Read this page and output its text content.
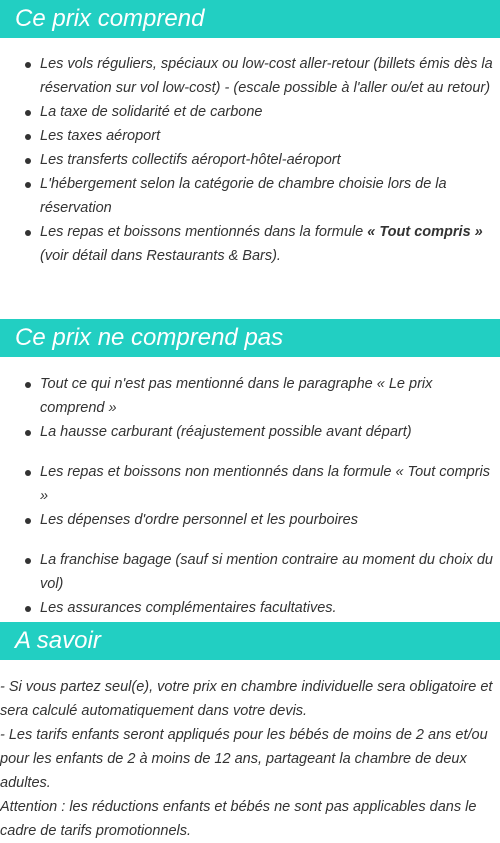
Ce prix comprend
Les vols réguliers, spéciaux ou low-cost aller-retour (billets émis dès la réservation sur vol low-cost) - (escale possible à l'aller ou/et au retour)
La taxe de solidarité et de carbone
Les taxes aéroport
Les transferts collectifs aéroport-hôtel-aéroport
L'hébergement selon la catégorie de chambre choisie lors de la réservation
Les repas et boissons mentionnés dans la formule « Tout compris » (voir détail dans Restaurants & Bars).
Ce prix ne comprend pas
Tout ce qui n'est pas mentionné dans le paragraphe « Le prix comprend »
La hausse carburant (réajustement possible avant départ)
Les repas et boissons non mentionnés dans la formule « Tout compris »
Les dépenses d'ordre personnel et les pourboires
La franchise bagage (sauf si mention contraire au moment du choix du vol)
Les assurances complémentaires facultatives.
A savoir

- Si vous partez seul(e), votre prix en chambre individuelle sera obligatoire et sera calculé automatiquement dans votre devis.

- Les tarifs enfants seront appliqués pour les bébés de moins de 2 ans et/ou pour les enfants de 2 à moins de 12 ans, partageant la chambre de deux adultes.

Attention : les réductions enfants et bébés ne sont pas applicables dans le cadre de tarifs promotionnels.
